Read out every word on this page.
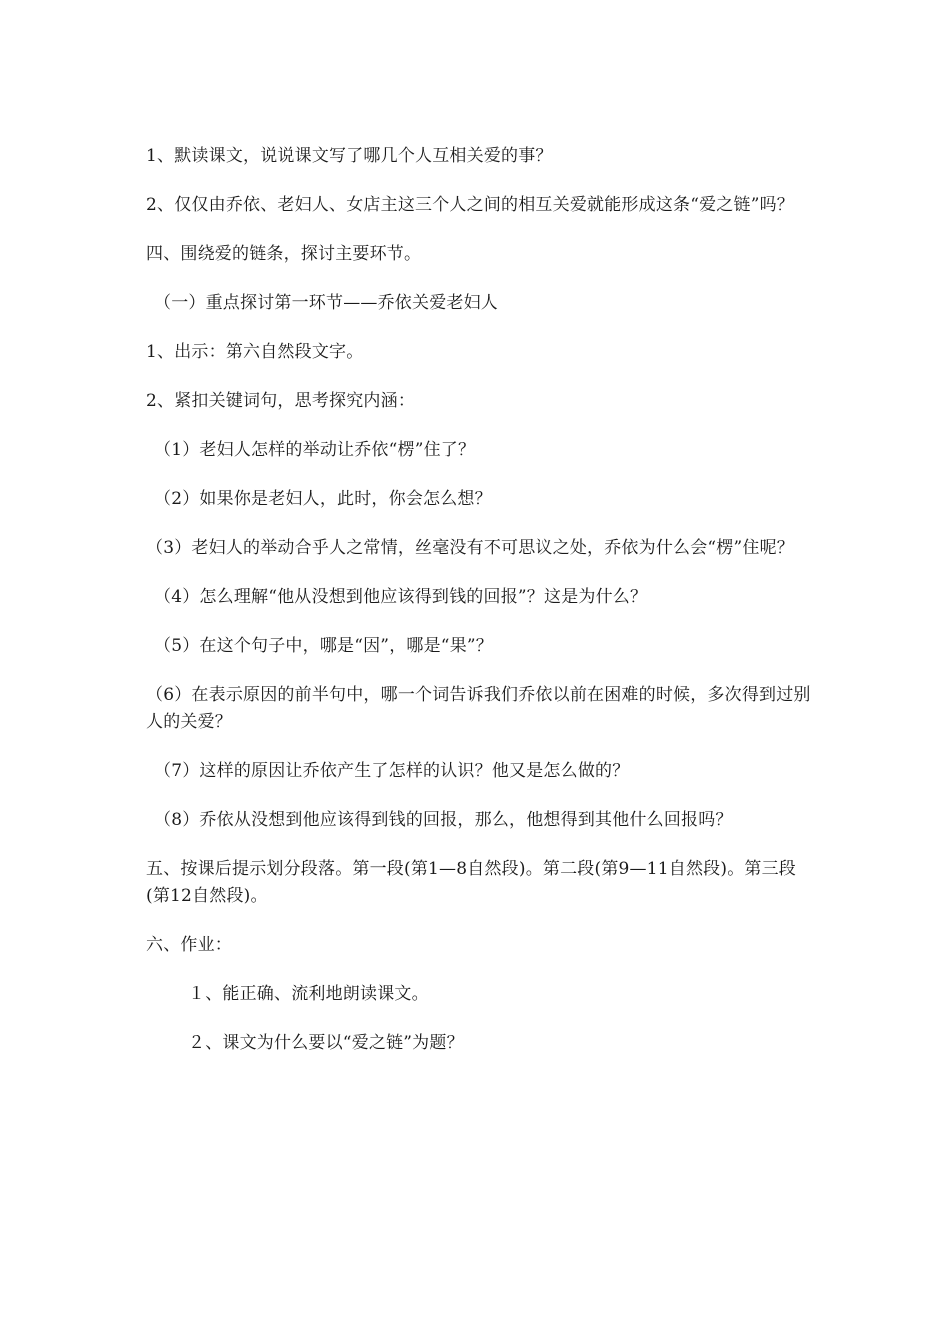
1、默读课文，说说课文写了哪几个人互相关爱的事？

2、仅仅由乔依、老妇人、女店主这三个人之间的相互关爱就能形成这条“爱之链”吗？

四、围绕爱的链条，探讨主要环节。

（一）重点探讨第一环节——乔依关爱老妇人

1、出示：第六自然段文字。

2、紧扣关键词句，思考探究内涵：

（1）老妇人怎样的举动让乔依“楞”住了？

（2）如果你是老妇人，此时，你会怎么想？

（3）老妇人的举动合乎人之常情，丝毫没有不可思议之处，乔依为什么会“楞”住呢？

（4）怎么理解“他从没想到他应该得到钱的回报”？这是为什么？

（5）在这个句子中，哪是“因”，哪是“果”？

（6）在表示原因的前半句中，哪一个词告诉我们乔依以前在困难的时候，多次得到过别人的关爱？

（7）这样的原因让乔依产生了怎样的认识？他又是怎么做的？

（8）乔依从没想到他应该得到钱的回报，那么，他想得到其他什么回报吗？

五、按课后提示划分段落。第一段(第1—8自然段)。第二段(第9—11自然段)。第三段(第12自然段)。

六、作业：

１、能正确、流利地朗读课文。

２、课文为什么要以“爱之链”为题？
